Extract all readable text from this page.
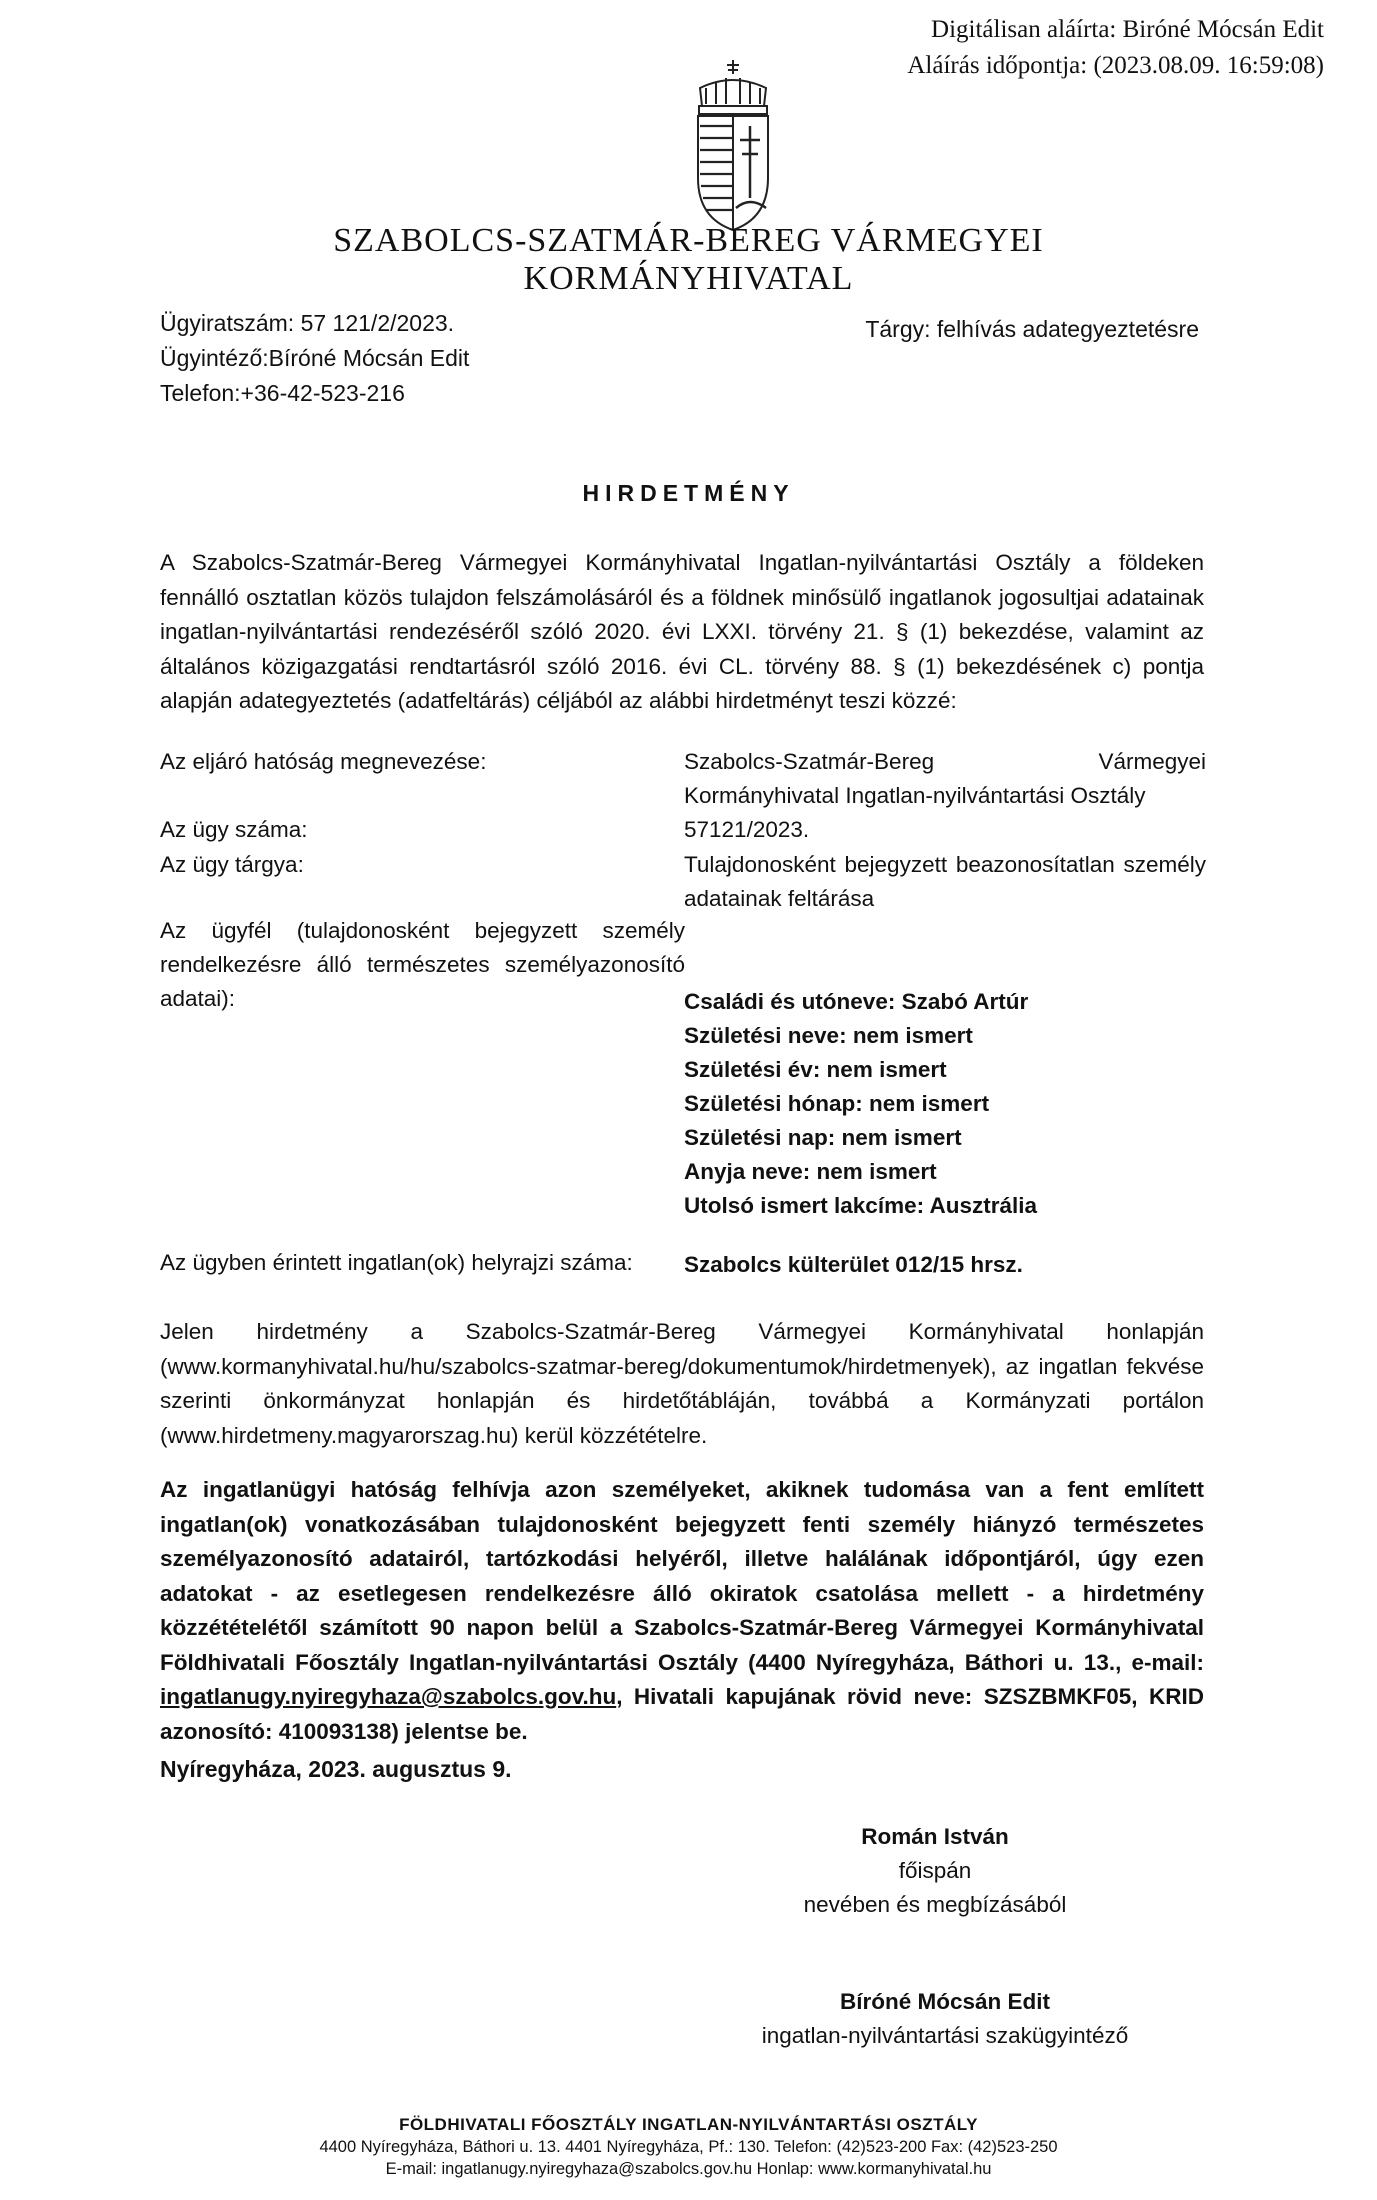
Digitálisan aláírta: Biróné Mócsán Edit
Aláírás időpontja: (2023.08.09. 16:59:08)
SZABOLCS-SZATMÁR-BEREG VÁRMEGYEI
KORMÁNYHIVATAL
Ügyiratszám: 57 121/2/2023.
Ügyintéző:Bíróné Mócsán Edit
Telefon:+36-42-523-216
Tárgy: felhívás adategyeztetésre
HIRDETMÉNY

A Szabolcs-Szatmár-Bereg Vármegyei Kormányhivatal Ingatlan-nyilvántartási Osztály a földeken fennálló osztatlan közös tulajdon felszámolásáról és a földnek minősülő ingatlanok jogosultjai adatainak ingatlan-nyilvántartási rendezéséről szóló 2020. évi LXXI. törvény 21. § (1) bekezdése, valamint az általános közigazgatási rendtartásról szóló 2016. évi CL. törvény 88. § (1) bekezdésének c) pontja alapján adategyeztetés (adatfeltárás) céljából az alábbi hirdetményt teszi közzé:

Az eljáró hatóság megnevezése:	Szabolcs-Szatmár-Bereg Vármegyei Kormányhivatal Ingatlan-nyilvántartási Osztály
Az ügy száma:	57121/2023.
Az ügy tárgya:	Tulajdonosként bejegyzett beazonosítatlan személy adatainak feltárása
Az ügyfél (tulajdonosként bejegyzett személy rendelkezésre álló természetes személyazonosító adatai):	Családi és utóneve: Szabó Artúr
Születési neve: nem ismert
Születési év: nem ismert
Születési hónap: nem ismert
Születési nap: nem ismert
Anyja neve: nem ismert
Utolsó ismert lakcíme: Ausztrália
Az ügyben érintett ingatlan(ok) helyrajzi száma:	Szabolcs külterület 012/15 hrsz.

Jelen hirdetmény a Szabolcs-Szatmár-Bereg Vármegyei Kormányhivatal honlapján (www.kormanyhivatal.hu/hu/szabolcs-szatmar-bereg/dokumentumok/hirdetmenyek), az ingatlan fekvése szerinti önkormányzat honlapján és hirdetőtábláján, továbbá a Kormányzati portálon (www.hirdetmeny.magyarorszag.hu) kerül közzétételre.

Az ingatlanügyi hatóság felhívja azon személyeket, akiknek tudomása van a fent említett ingatlan(ok) vonatkozásában tulajdonosként bejegyzett fenti személy hiányzó természetes személyazonosító adatairól, tartózkodási helyéről, illetve halálának időpontjáról, úgy ezen adatokat - az esetlegesen rendelkezésre álló okiratok csatolása mellett - a hirdetmény közzétételétől számított 90 napon belül a Szabolcs-Szatmár-Bereg Vármegyei Kormányhivatal Földhivatali Főosztály Ingatlan-nyilvántartási Osztály (4400 Nyíregyháza, Báthori u. 13., e-mail: ingatlanugy.nyiregyhaza@szabolcs.gov.hu, Hivatali kapujának rövid neve: SZSZBMKF05, KRID azonosító: 410093138) jelentse be.

Nyíregyháza, 2023. augusztus 9.
Román István
főispán
nevében és megbízásából
Bíróné Mócsán Edit
ingatlan-nyilvántartási szakügyintéző
FÖLDHIVATALI FŐOSZTÁLY INGATLAN-NYILVÁNTARTÁSI OSZTÁLY
4400 Nyíregyháza, Báthori u. 13. 4401 Nyíregyháza, Pf.: 130. Telefon: (42)523-200 Fax: (42)523-250
E-mail: ingatlanugy.nyiregyhaza@szabolcs.gov.hu Honlap: www.kormanyhivatal.hu
